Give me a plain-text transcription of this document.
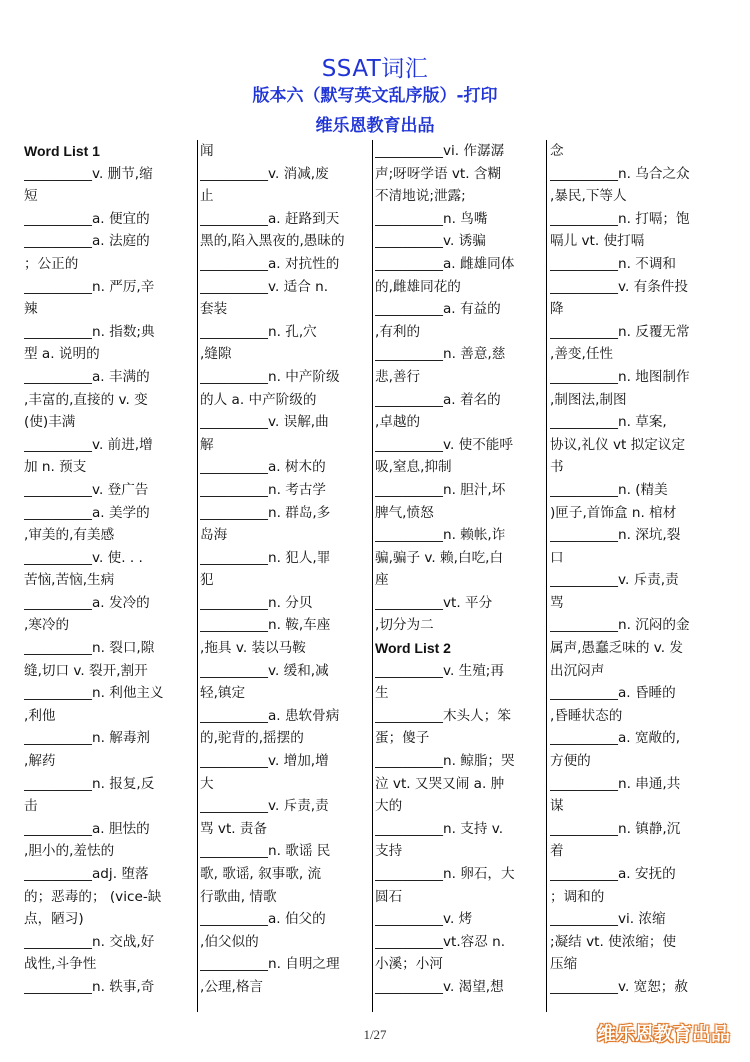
SSAT词汇
版本六（默写英文乱序版）-打印
维乐恩教育出品
Word List 1
__________v. 删节,缩
短
__________a. 便宜的
__________a. 法庭的
；公正的
__________n. 严厉,辛
辣
__________n. 指数;典
型 a. 说明的
__________a. 丰满的
,丰富的,直接的 v. 变
(使)丰满
__________v. 前进,增
加 n. 预支
__________v. 登广告
__________a. 美学的
,审美的,有美感
__________v. 使. . .
苦恼,苦恼,生病
__________a. 发冷的
,寒冷的
__________n. 裂口,隙
缝,切口 v. 裂开,割开
__________n. 利他主义
,利他
__________n. 解毒剂
,解药
__________n. 报复,反
击
__________a. 胆怯的
,胆小的,羞怯的
__________adj. 堕落
的；恶毒的； (vice-缺
点，陋习)
__________n. 交战,好
战性,斗争性
__________n. 轶事,奇
闻
__________v. 消减,废
止
__________a. 赶路到天
黑的,陷入黑夜的,愚昧的
__________a. 对抗性的
__________v. 适合 n.
套装
__________n. 孔,穴
,缝隙
__________n. 中产阶级
的人 a. 中产阶级的
__________v. 误解,曲
解
__________a. 树木的
__________n. 考古学
__________n. 群岛,多
岛海
__________n. 犯人,罪
犯
__________n. 分贝
__________n. 鞍,车座
,拖具 v. 装以马鞍
__________v. 缓和,减
轻,镇定
__________a. 患软骨病
的,驼背的,摇摆的
__________v. 增加,增
大
__________v. 斥责,责
骂 vt. 责备
__________n. 歌谣 民
歌, 歌谣, 叙事歌, 流
行歌曲, 情歌
__________a. 伯父的
,伯父似的
__________n. 自明之理
,公理,格言
__________vi. 作潺潺
声;呀呀学语 vt. 含糊
不清地说;泄露;
__________n. 鸟嘴
__________v. 诱骗
__________a. 雌雄同体
的,雌雄同花的
__________a. 有益的
,有利的
__________n. 善意,慈
悲,善行
__________a. 着名的
,卓越的
__________v. 使不能呼
吸,窒息,抑制
__________n. 胆汁,坏
脾气,愤怒
__________n. 赖帐,诈
骗,骗子 v. 赖,白吃,白
座
__________vt. 平分
,切分为二
Word List 2
__________v. 生殖;再
生
__________木头人；笨
蛋；傻子
__________n. 鲸脂；哭
泣 vt. 又哭又闹 a. 肿
大的
__________n. 支持 v.
支持
__________n. 卵石，大
圆石
__________v. 烤
__________vt.容忍 n.
小溪；小河
__________v. 渴望,想
念
__________n. 乌合之众
,暴民,下等人
__________n. 打嗝；饱
嗝儿 vt. 使打嗝
__________n. 不调和
__________v. 有条件投
降
__________n. 反覆无常
,善变,任性
__________n. 地图制作
,制图法,制图
__________n. 草案,
协议,礼仪 vt 拟定议定
书
__________n. (精美
)匣子,首饰盒 n. 棺材
__________n. 深坑,裂
口
__________v. 斥责,责
骂
__________n. 沉闷的金
属声,愚蠢乏味的 v. 发
出沉闷声
__________a. 昏睡的
,昏睡状态的
__________a. 宽敞的,
方便的
__________n. 串通,共
谋
__________n. 镇静,沉
着
__________a. 安抚的
；调和的
__________vi. 浓缩
;凝结 vt. 使浓缩；使
压缩
__________v. 宽恕；赦
1/27	维乐恩教育出品
